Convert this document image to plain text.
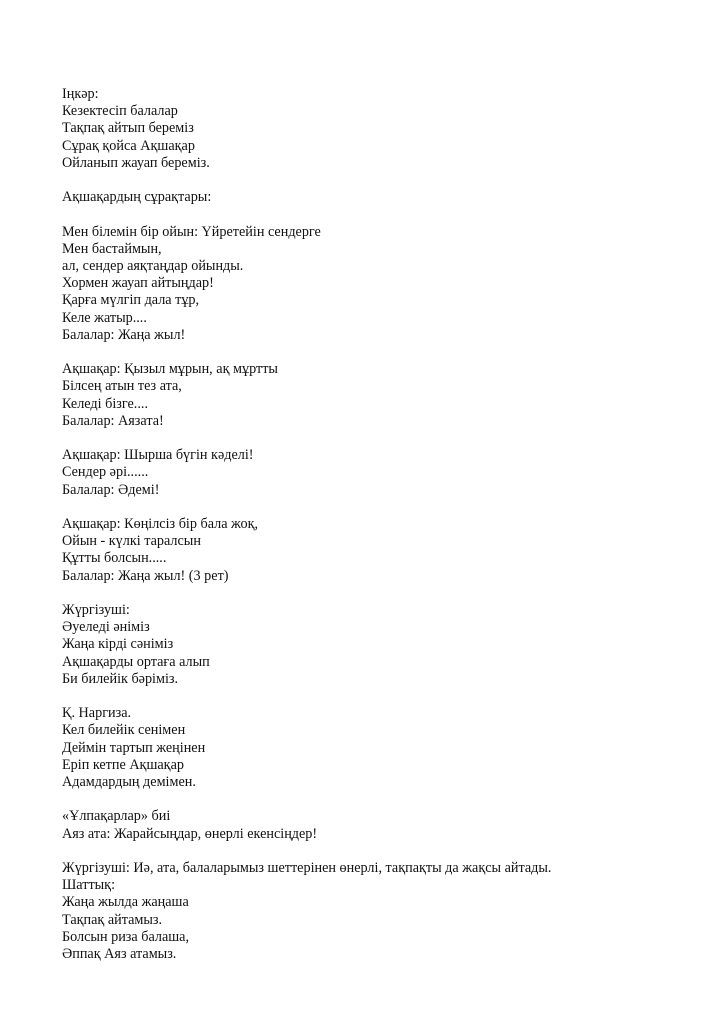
Іңкәр:
Кезектесіп балалар
Тақпақ айтып береміз
Сұрақ қойса Ақшақар
Ойланып жауап береміз.
Ақшақардың сұрақтары:
Мен білемін бір ойын: Үйретейін сендерге
Мен бастаймын,
ал, сендер аяқтаңдар ойынды.
Хормен жауап айтыңдар!
Қарға мүлгіп дала тұр,
Келе жатыр....
Балалар: Жаңа жыл!
Ақшақар: Қызыл мұрын, ақ мұртты
Білсең атын тез ата,
Келеді бізге....
Балалар: Аязата!
Ақшақар: Шырша бүгін кәделі!
Сендер әрі......
Балалар: Әдемі!
Ақшақар: Көңілсіз бір бала жоқ,
Ойын - күлкі таралсын
Құтты болсын.....
Балалар: Жаңа жыл! (3 рет)
Жүргізуші:
Әуеледі әніміз
Жаңа кірді сәніміз
Ақшақарды ортаға алып
Би билейік бәріміз.
Қ. Наргиза.
Кел билейік сенімен
Деймін тартып жеңінен
Еріп кетпе Ақшақар
Адамдардың демімен.
«Ұлпақарлар» биі
Аяз ата: Жарайсыңдар, өнерлі екенсіңдер!
Жүргізуші: Иә, ата, балаларымыз шеттерінен өнерлі, тақпақты да жақсы айтады.
Шаттық:
Жаңа жылда жаңаша
Тақпақ айтамыз.
Болсын риза балаша,
Әппақ Аяз атамыз.
